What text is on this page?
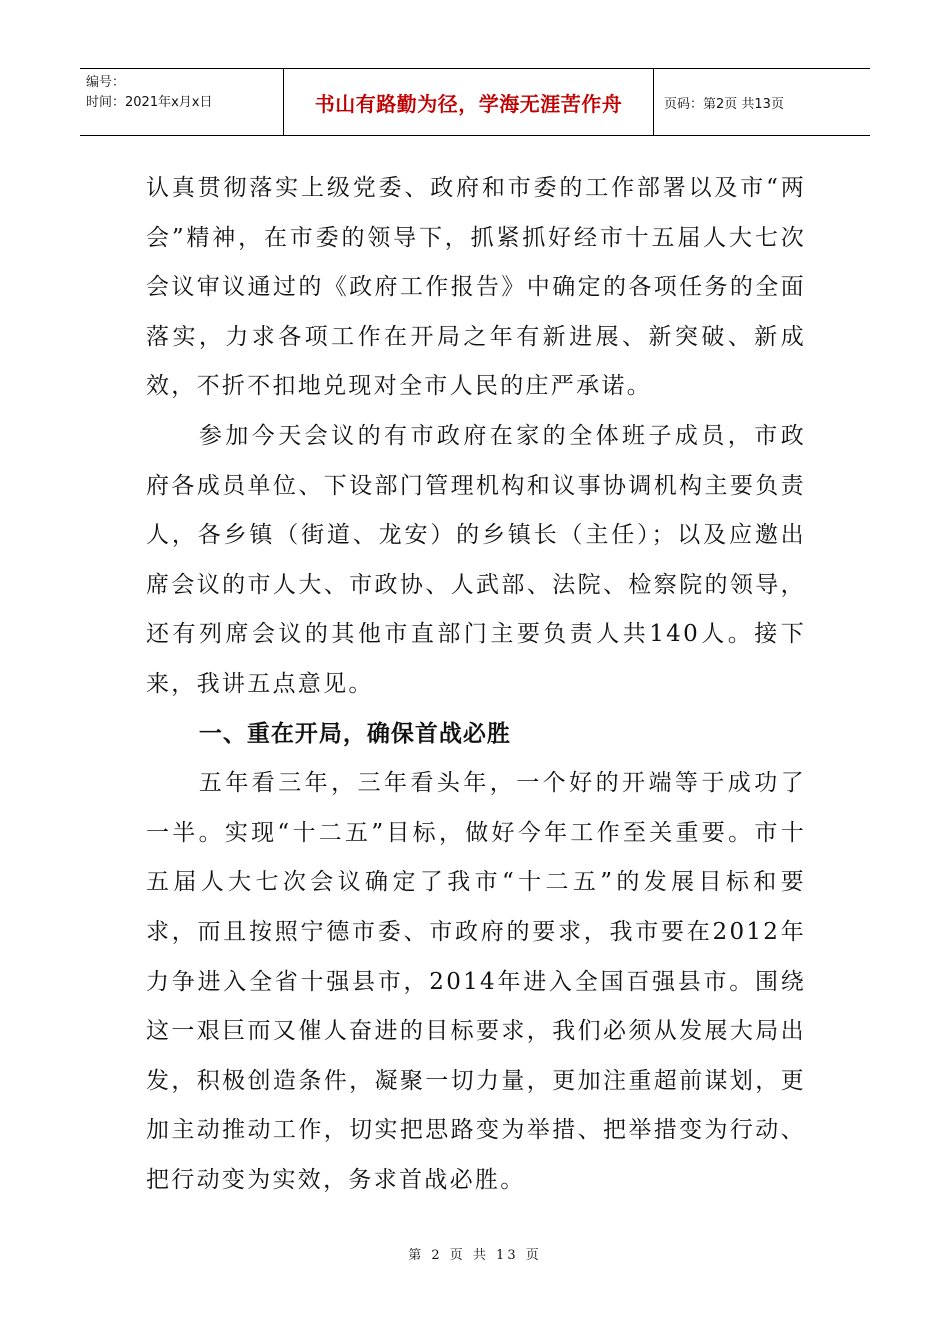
编号：
时间：2021年x月x日	书山有路勤为径，学海无涯苦作舟	页码：第2页 共13页

认真贯彻落实上级党委、政府和市委的工作部署以及市“两会”精神，在市委的领导下，抓紧抓好经市十五届人大七次会议审议通过的《政府工作报告》中确定的各项任务的全面落实，力求各项工作在开局之年有新进展、新突破、新成效，不折不扣地兑现对全市人民的庄严承诺。

参加今天会议的有市政府在家的全体班子成员，市政府各成员单位、下设部门管理机构和议事协调机构主要负责人，各乡镇（街道、龙安）的乡镇长（主任）；以及应邀出席会议的市人大、市政协、人武部、法院、检察院的领导，还有列席会议的其他市直部门主要负责人共140人。接下来，我讲五点意见。

一、重在开局，确保首战必胜

五年看三年，三年看头年，一个好的开端等于成功了一半。实现“十二五”目标，做好今年工作至关重要。市十五届人大七次会议确定了我市“十二五”的发展目标和要求，而且按照宁德市委、市政府的要求，我市要在2012年力争进入全省十强县市，2014年进入全国百强县市。围绕这一艰巨而又催人奋进的目标要求，我们必须从发展大局出发，积极创造条件，凝聚一切力量，更加注重超前谋划，更加主动推动工作，切实把思路变为举措、把举措变为行动、把行动变为实效，务求首战必胜。

第 2 页 共 13 页
